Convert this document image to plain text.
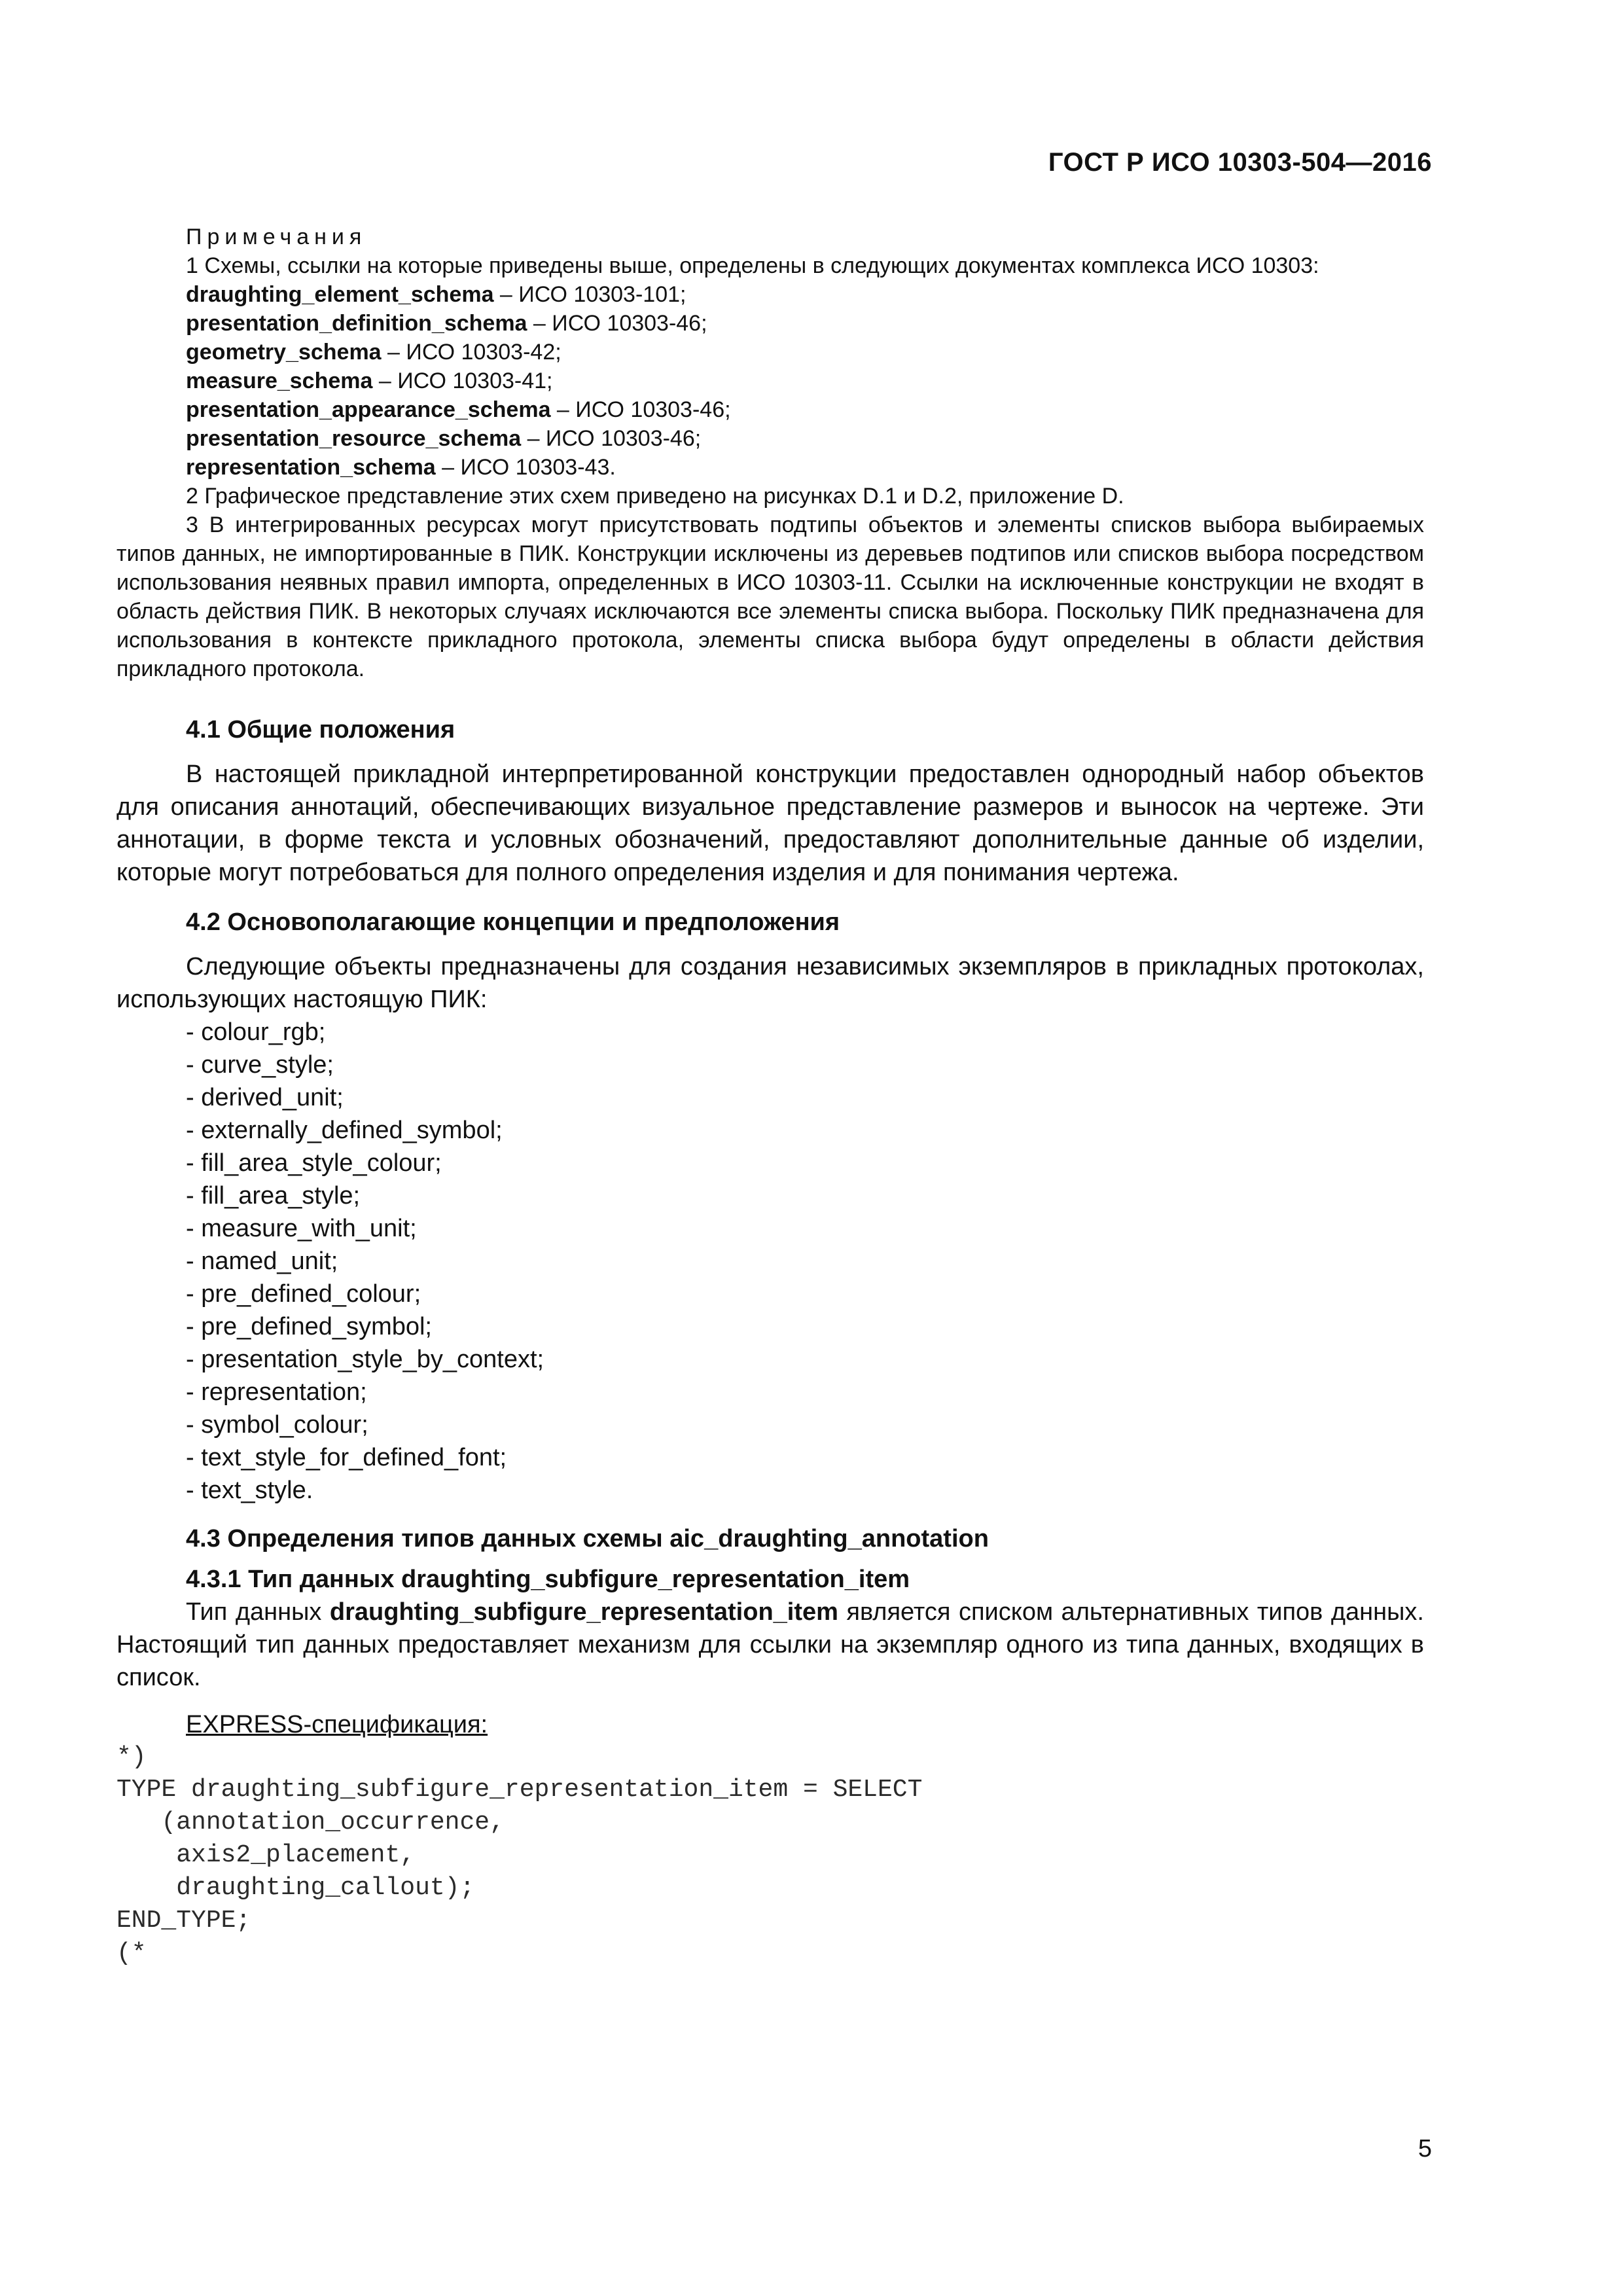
ГОСТ Р ИСО 10303-504—2016
Примечания
1 Схемы, ссылки на которые приведены выше, определены в следующих документах комплекса ИСО 10303:
draughting_element_schema – ИСО 10303-101;
presentation_definition_schema – ИСО 10303-46;
geometry_schema – ИСО 10303-42;
measure_schema – ИСО 10303-41;
presentation_appearance_schema – ИСО 10303-46;
presentation_resource_schema – ИСО 10303-46;
representation_schema – ИСО 10303-43.
2 Графическое представление этих схем приведено на рисунках D.1 и D.2, приложение D.
3 В интегрированных ресурсах могут присутствовать подтипы объектов и элементы списков выбора выбираемых типов данных, не импортированные в ПИК. Конструкции исключены из деревьев подтипов или списков выбора посредством использования неявных правил импорта, определенных в ИСО 10303-11. Ссылки на исключенные конструкции не входят в область действия ПИК. В некоторых случаях исключаются все элементы списка выбора. Поскольку ПИК предназначена для использования в контексте прикладного протокола, элементы списка выбора будут определены в области действия прикладного протокола.
4.1 Общие положения
В настоящей прикладной интерпретированной конструкции предоставлен однородный набор объектов для описания аннотаций, обеспечивающих визуальное представление размеров и выносок на чертеже. Эти аннотации, в форме текста и условных обозначений, предоставляют дополнительные данные об изделии, которые могут потребоваться для полного определения изделия и для понимания чертежа.
4.2 Основополагающие концепции и предположения
Следующие объекты предназначены для создания независимых экземпляров в прикладных протоколах, использующих настоящую ПИК:
- colour_rgb;
- curve_style;
- derived_unit;
- externally_defined_symbol;
- fill_area_style_colour;
- fill_area_style;
- measure_with_unit;
- named_unit;
- pre_defined_colour;
- pre_defined_symbol;
- presentation_style_by_context;
- representation;
- symbol_colour;
- text_style_for_defined_font;
- text_style.
4.3 Определения типов данных схемы aic_draughting_annotation
4.3.1 Тип данных draughting_subfigure_representation_item
Тип данных draughting_subfigure_representation_item является списком альтернативных типов данных. Настоящий тип данных предоставляет механизм для ссылки на экземпляр одного из типа данных, входящих в список.
EXPRESS-спецификация:
*)
TYPE draughting_subfigure_representation_item = SELECT
(annotation_occurrence,
axis2_placement,
draughting_callout);
END_TYPE;
(*
5
